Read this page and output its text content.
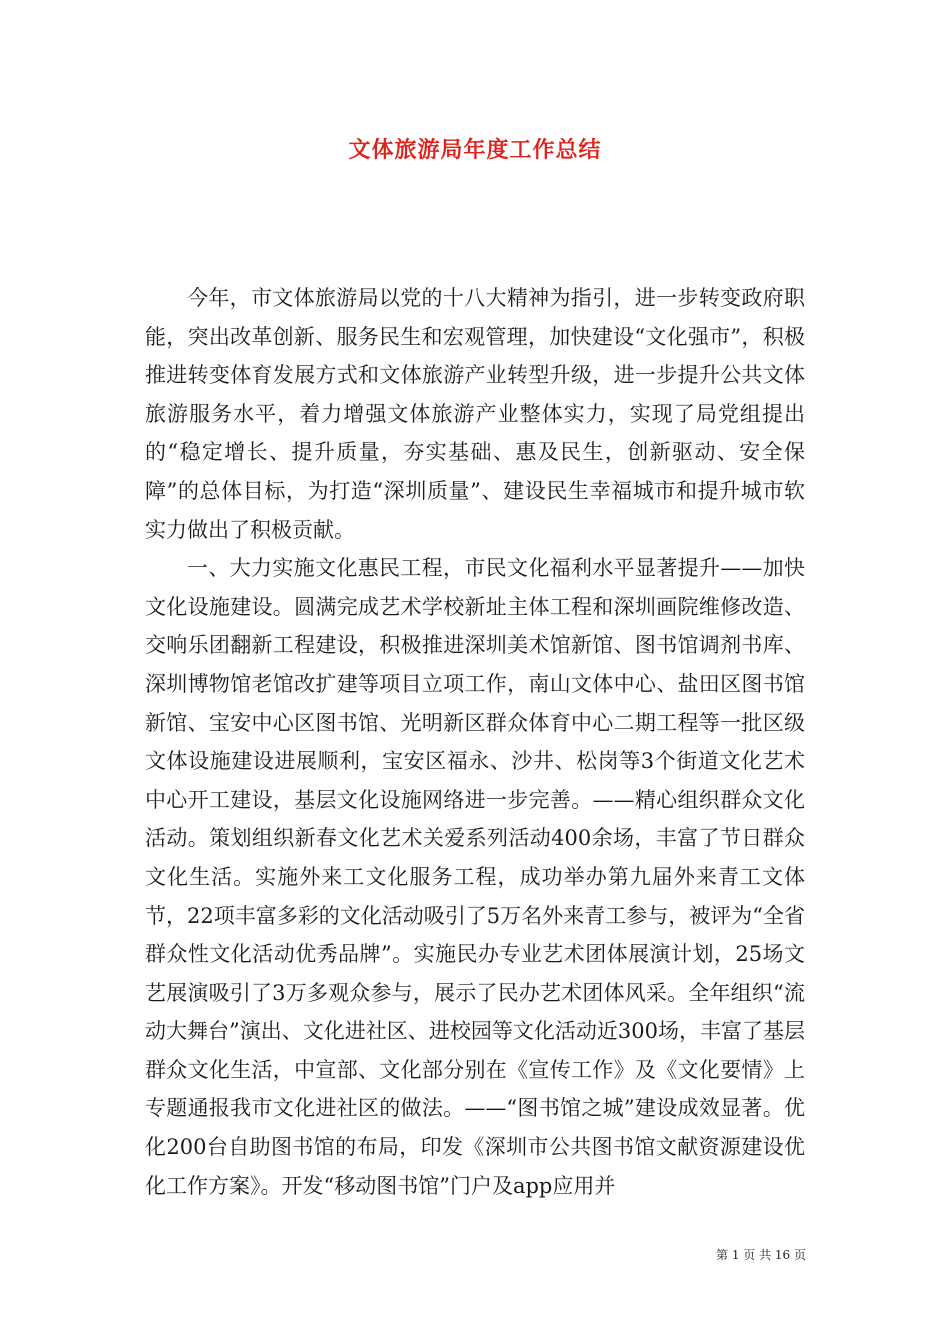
文体旅游局年度工作总结

今年，市文体旅游局以党的十八大精神为指引，进一步转变政府职能，突出改革创新、服务民生和宏观管理，加快建设“文化强市”，积极推进转变体育发展方式和文体旅游产业转型升级，进一步提升公共文体旅游服务水平，着力增强文体旅游产业整体实力，实现了局党组提出的“稳定增长、提升质量，夯实基础、惠及民生，创新驱动、安全保障”的总体目标，为打造“深圳质量”、建设民生幸福城市和提升城市软实力做出了积极贡献。

一、大力实施文化惠民工程，市民文化福利水平显著提升——加快文化设施建设。圆满完成艺术学校新址主体工程和深圳画院维修改造、交响乐团翻新工程建设，积极推进深圳美术馆新馆、图书馆调剂书库、深圳博物馆老馆改扩建等项目立项工作，南山文体中心、盐田区图书馆新馆、宝安中心区图书馆、光明新区群众体育中心二期工程等一批区级文体设施建设进展顺利，宝安区福永、沙井、松岗等3个街道文化艺术中心开工建设，基层文化设施网络进一步完善。——精心组织群众文化活动。策划组织新春文化艺术关爱系列活动400余场，丰富了节日群众文化生活。实施外来工文化服务工程，成功举办第九届外来青工文体节，22项丰富多彩的文化活动吸引了5万名外来青工参与，被评为“全省群众性文化活动优秀品牌”。实施民办专业艺术团体展演计划，25场文艺展演吸引了3万多观众参与，展示了民办艺术团体风采。全年组织“流动大舞台”演出、文化进社区、进校园等文化活动近300场，丰富了基层群众文化生活，中宣部、文化部分别在《宣传工作》及《文化要情》上专题通报我市文化进社区的做法。——“图书馆之城”建设成效显著。优化200台自助图书馆的布局，印发《深圳市公共图书馆文献资源建设优化工作方案》。开发“移动图书馆”门户及app应用并

第 1 页 共 16 页
